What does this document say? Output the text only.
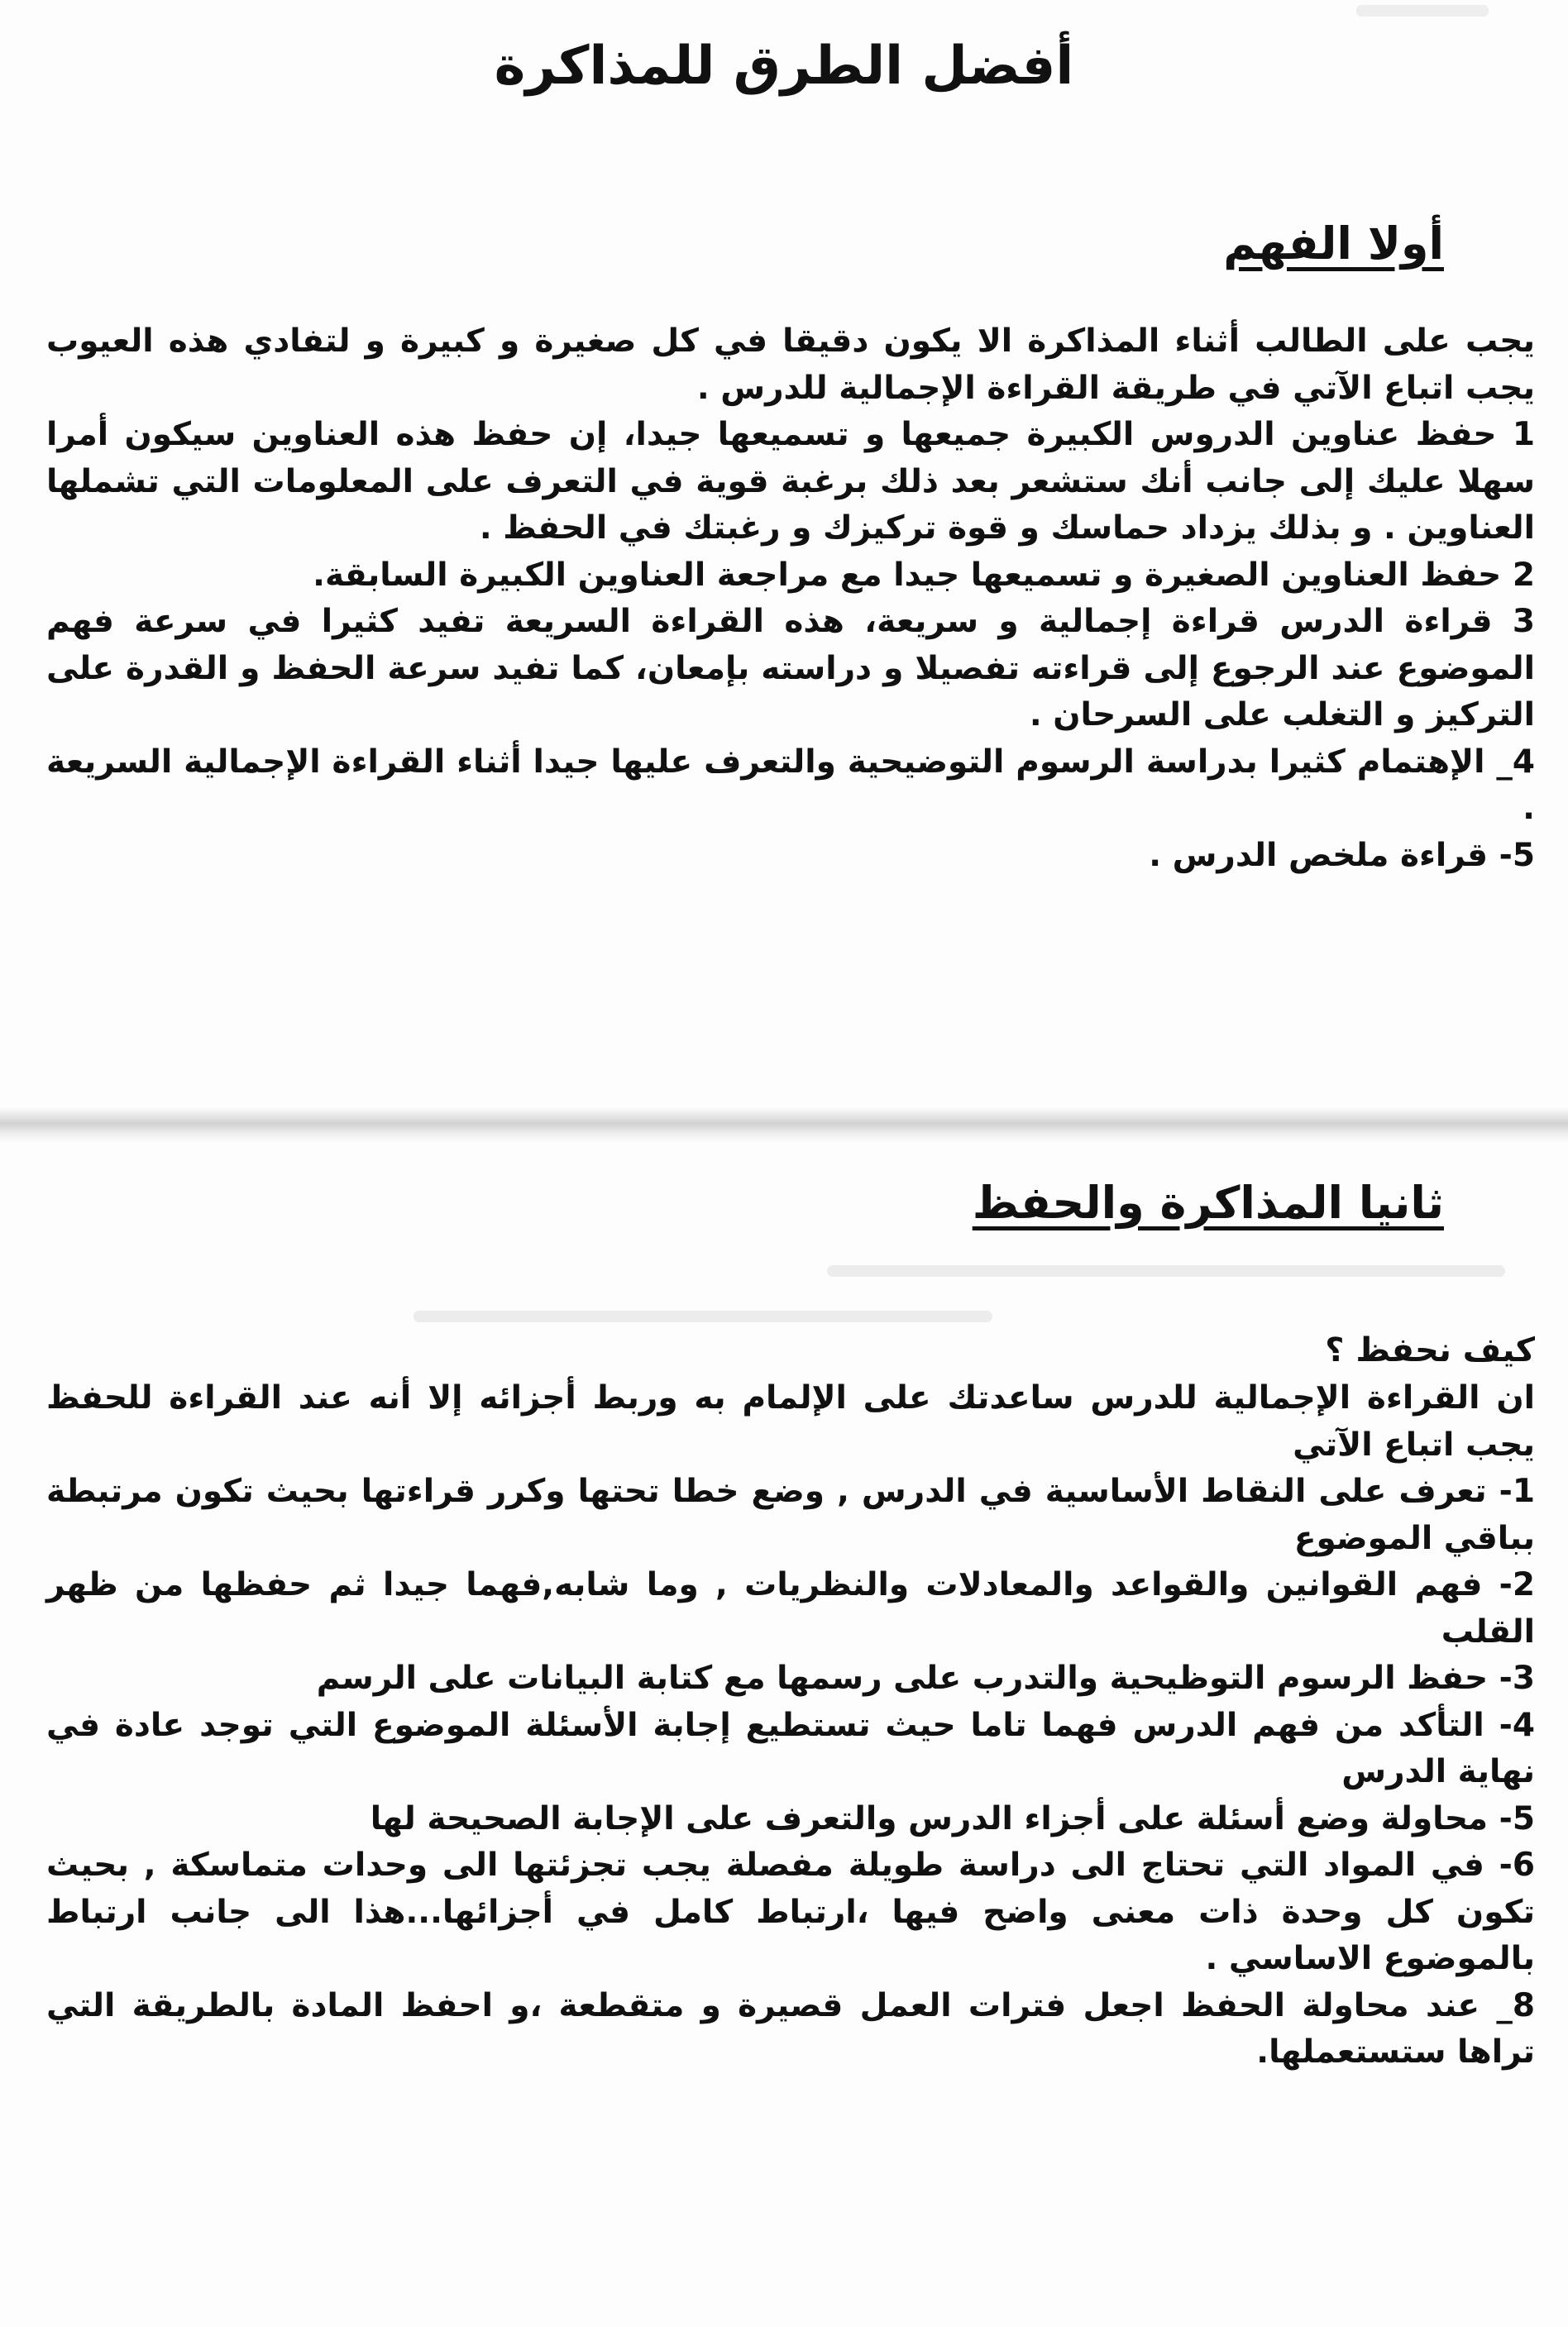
أفضل الطرق للمذاكرة
أولا الفهم

يجب على الطالب أثناء المذاكرة الا يكون دقيقا في كل صغيرة و كبيرة و لتفادي هذه العيوب يجب اتباع الآتي في طريقة القراءة الإجمالية للدرس .

1 حفظ عناوين الدروس الكبيرة جميعها و تسميعها جيدا، إن حفظ هذه العناوين سيكون أمرا سهلا عليك إلى جانب أنك ستشعر بعد ذلك برغبة قوية في التعرف على المعلومات التي تشملها العناوين . و بذلك يزداد حماسك و قوة تركيزك و رغبتك في الحفظ .

2 حفظ العناوين الصغيرة و تسميعها جيدا مع مراجعة العناوين الكبيرة السابقة.

3 قراءة الدرس قراءة إجمالية و سريعة، هذه القراءة السريعة تفيد كثيرا في سرعة فهم الموضوع عند الرجوع إلى قراءته تفصيلا و دراسته بإمعان، كما تفيد سرعة الحفظ و القدرة على التركيز و التغلب على السرحان .

4_ الإهتمام كثيرا بدراسة الرسوم التوضيحية والتعرف عليها جيدا أثناء القراءة الإجمالية السريعة .

5- قراءة ملخص الدرس .

ثانيا المذاكرة والحفظ

كيف نحفظ ؟

ان القراءة الإجمالية للدرس ساعدتك على الإلمام به وربط أجزائه إلا أنه عند القراءة للحفظ يجب اتباع الآتي

1- تعرف على النقاط الأساسية في الدرس , وضع خطا تحتها وكرر قراءتها بحيث تكون مرتبطة بباقي الموضوع

2- فهم القوانين والقواعد والمعادلات والنظريات , وما شابه,فهما جيدا ثم حفظها من ظهر القلب

3- حفظ الرسوم التوظيحية والتدرب على رسمها مع كتابة البيانات على الرسم

4- التأكد من فهم الدرس فهما تاما حيث تستطيع إجابة الأسئلة الموضوع التي توجد عادة في نهاية الدرس

5- محاولة وضع أسئلة على أجزاء الدرس والتعرف على الإجابة الصحيحة لها

6- في المواد التي تحتاج الى دراسة طويلة مفصلة يجب تجزئتها الى وحدات متماسكة , بحيث تكون كل وحدة ذات معنى واضح فيها ،ارتباط كامل في أجزائها...هذا الى جانب ارتباط بالموضوع الاساسي .

8_ عند محاولة الحفظ اجعل فترات العمل قصيرة و متقطعة ،و احفظ المادة بالطريقة التي تراها ستستعملها.
